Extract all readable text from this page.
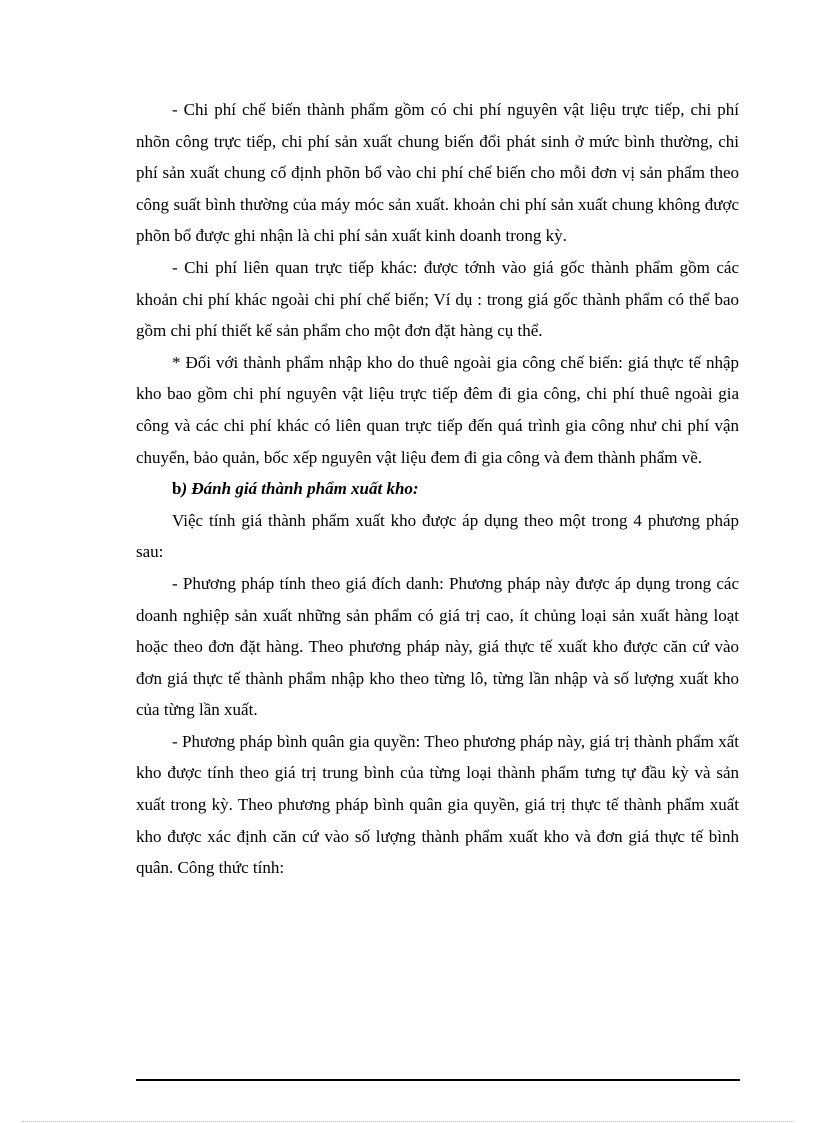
- Chi phí chế biến thành phẩm gồm có chi phí nguyên vật liệu trực tiếp, chi phí nhõn công trực tiếp, chi phí sản xuất chung biến đổi phát sinh ở mức bình thường, chi phí sản xuất chung cố định phõn bổ vào chi phí chế biến cho mỗi đơn vị sản phẩm theo công suất bình thường của máy móc sản xuất. khoản chi phí sản xuất chung không được phõn bổ được ghi nhận là chi phí sản xuất kinh doanh trong kỳ.

- Chi phí liên quan trực tiếp khác: được tớnh vào giá gốc thành phẩm gồm các khoản chi phí khác ngoài chi phí chế biến; Ví dụ : trong giá gốc thành phẩm có thể bao gồm chi phí thiết kế sản phẩm cho một đơn đặt hàng cụ thể.

* Đối với thành phẩm nhập kho do thuê ngoài gia công chế biến: giá thực tế nhập kho bao gồm chi phí nguyên vật liệu trực tiếp đêm đi gia công, chi phí thuê ngoài gia công và các chi phí khác có liên quan trực tiếp đến quá trình gia công như chi phí vận chuyển, bảo quản, bốc xếp nguyên vật liệu đem đi gia công và đem thành phẩm về.

b) Đánh giá thành phẩm xuất kho:

Việc tính giá thành phẩm xuất kho được áp dụng theo một trong 4 phương pháp sau:

- Phương pháp tính theo giá đích danh: Phương pháp này được áp dụng trong các doanh nghiệp sản xuất những sản phẩm có giá trị cao, ít chủng loại sản xuất hàng loạt hoặc theo đơn đặt hàng. Theo phương pháp này, giá thực tế xuất kho được căn cứ vào đơn giá thực tế thành phẩm nhập kho theo từng lô, từng lần nhập và số lượng xuất kho của từng lần xuất.

- Phương pháp bình quân gia quyền: Theo phương pháp này, giá trị thành phẩm xất kho được tính theo giá trị trung bình của từng loại thành phẩm tưng tự đầu kỳ và sản xuất trong kỳ. Theo phương pháp bình quân gia quyền, giá trị thực tế thành phẩm xuất kho được xác định căn cứ vào số lượng thành phẩm xuất kho và đơn giá thực tế bình quân. Công thức tính:
